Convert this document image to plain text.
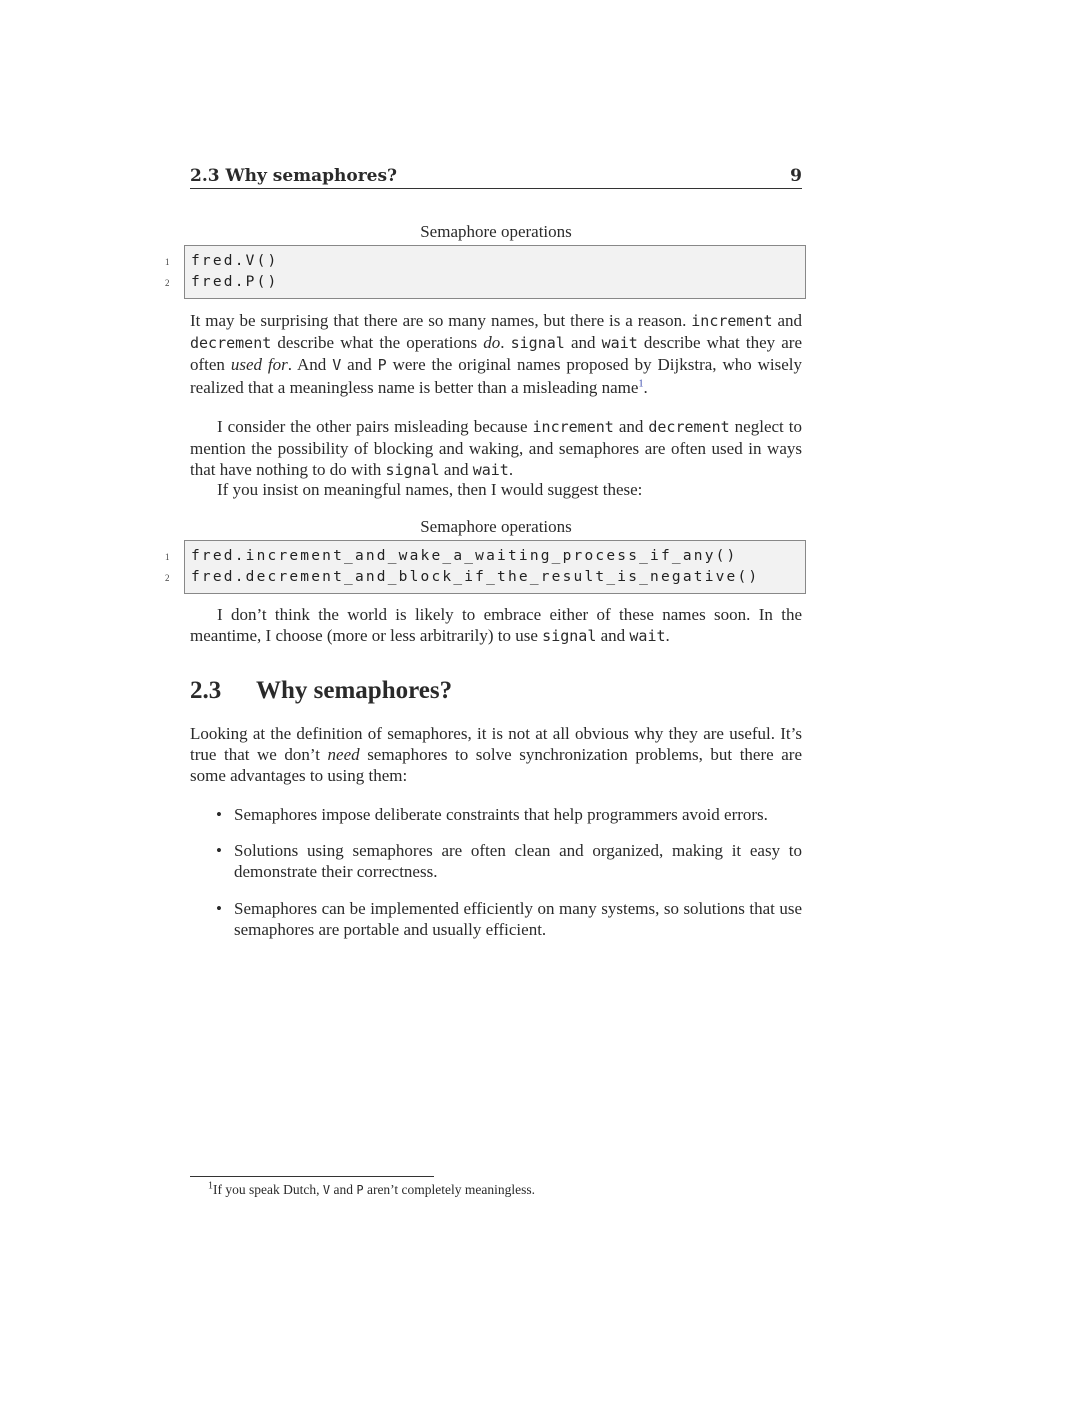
2.3 Why semaphores?	9
Semaphore operations
1 fred.V()
2 fred.P()
It may be surprising that there are so many names, but there is a reason. increment and decrement describe what the operations do. signal and wait describe what they are often used for. And V and P were the original names proposed by Dijkstra, who wisely realized that a meaningless name is better than a misleading name$^1$.
I consider the other pairs misleading because increment and decrement neglect to mention the possibility of blocking and waking, and semaphores are often used in ways that have nothing to do with signal and wait.
If you insist on meaningful names, then I would suggest these:
Semaphore operations
1 fred.increment_and_wake_a_waiting_process_if_any()
2 fred.decrement_and_block_if_the_result_is_negative()
I don’t think the world is likely to embrace either of these names soon. In the meantime, I choose (more or less arbitrarily) to use signal and wait.
2.3 Why semaphores?
Looking at the definition of semaphores, it is not at all obvious why they are useful. It’s true that we don’t need semaphores to solve synchronization problems, but there are some advantages to using them:
• Semaphores impose deliberate constraints that help programmers avoid errors.
• Solutions using semaphores are often clean and organized, making it easy to demonstrate their correctness.
• Semaphores can be implemented efficiently on many systems, so solutions that use semaphores are portable and usually efficient.
$^1$If you speak Dutch, V and P aren’t completely meaningless.
